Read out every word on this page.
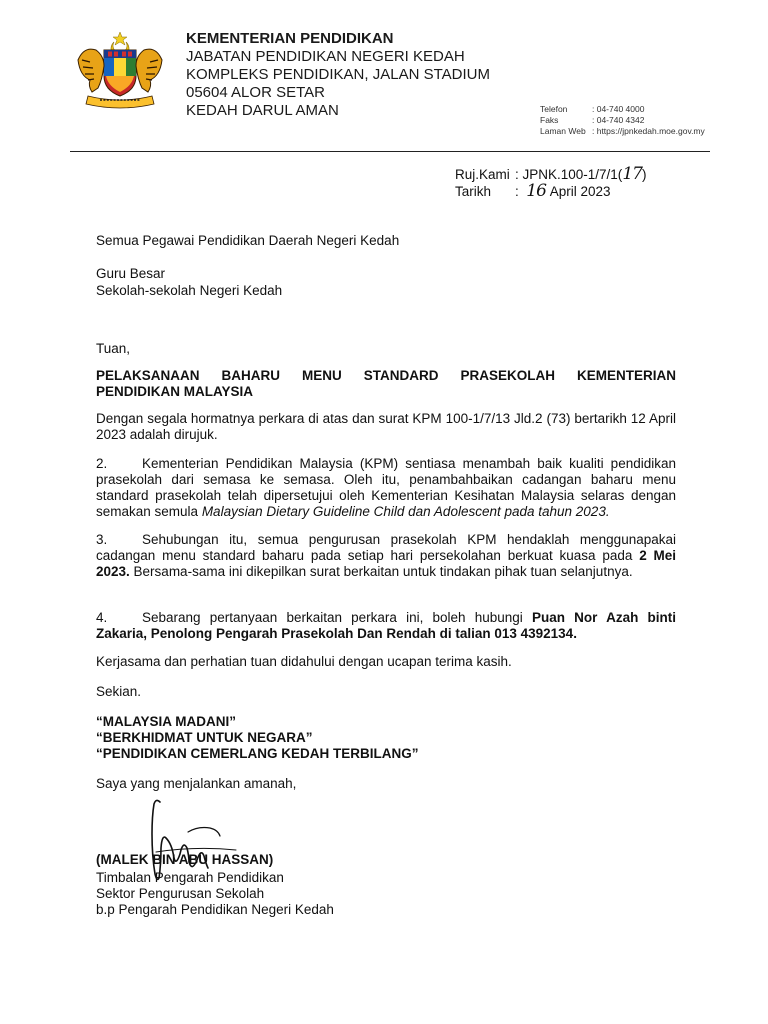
KEMENTERIAN PENDIDIKAN
JABATAN PENDIDIKAN NEGERI KEDAH
KOMPLEKS PENDIDIKAN, JALAN STADIUM
05604 ALOR SETAR
KEDAH DARUL AMAN	Telefon	: 04-740 4000
Faks	: 04-740 4342
Laman Web : https://jpnkedah.moe.gov.my
Ruj.Kami : JPNK.100-1/7/1(17)
Tarikh : 16 April 2023
Semua Pegawai Pendidikan Daerah Negeri Kedah
Guru Besar
Sekolah-sekolah Negeri Kedah
Tuan,
PELAKSANAAN BAHARU MENU STANDARD PRASEKOLAH KEMENTERIAN
PENDIDIKAN MALAYSIA
Dengan segala hormatnya perkara di atas dan surat KPM 100-1/7/13 Jld.2 (73) bertarikh 12 April 2023 adalah dirujuk.
2.	Kementerian Pendidikan Malaysia (KPM) sentiasa menambah baik kualiti pendidikan prasekolah dari semasa ke semasa. Oleh itu, penambahbaikan cadangan baharu menu standard prasekolah telah dipersetujui oleh Kementerian Kesihatan Malaysia selaras dengan semakan semula Malaysian Dietary Guideline Child dan Adolescent pada tahun 2023.
3.	Sehubungan itu, semua pengurusan prasekolah KPM hendaklah menggunapakai cadangan menu standard baharu pada setiap hari persekolahan berkuat kuasa pada 2 Mei 2023. Bersama-sama ini dikepilkan surat berkaitan untuk tindakan pihak tuan selanjutnya.
4.	Sebarang pertanyaan berkaitan perkara ini, boleh hubungi Puan Nor Azah binti Zakaria, Penolong Pengarah Prasekolah Dan Rendah di talian 013 4392134.
Kerjasama dan perhatian tuan didahului dengan ucapan terima kasih.
Sekian.
“MALAYSIA MADANI”
“BERKHIDMAT UNTUK NEGARA”
“PENDIDIKAN CEMERLANG KEDAH TERBILANG”
Saya yang menjalankan amanah,
(MALEK BIN ABU HASSAN)
Timbalan Pengarah Pendidikan
Sektor Pengurusan Sekolah
b.p Pengarah Pendidikan Negeri Kedah
